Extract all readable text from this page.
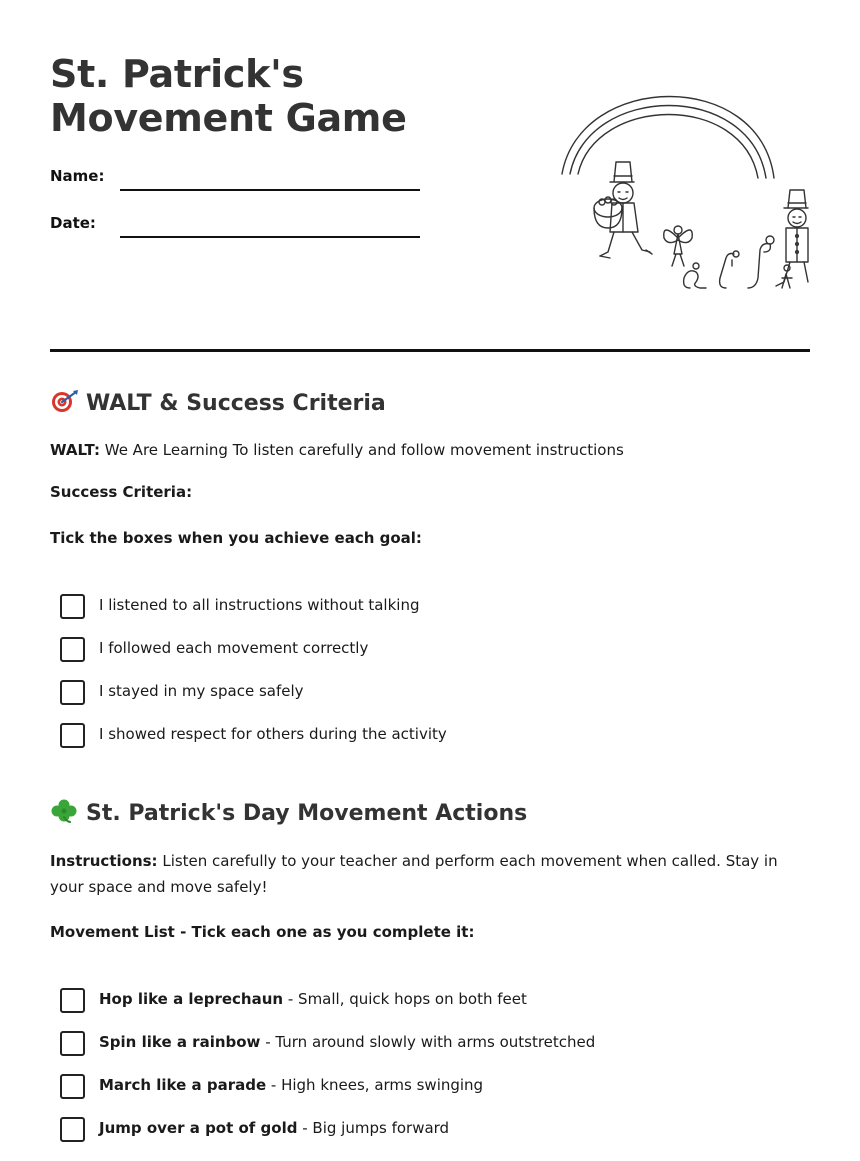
St. Patrick's Movement Game
Name:
Date:
WALT & Success Criteria

WALT: We Are Learning To listen carefully and follow movement instructions

Success Criteria:

Tick the boxes when you achieve each goal:

I listened to all instructions without talking
I followed each movement correctly
I stayed in my space safely
I showed respect for others during the activity
St. Patrick's Day Movement Actions

Instructions: Listen carefully to your teacher and perform each movement when called. Stay in your space and move safely!

Movement List - Tick each one as you complete it:

Hop like a leprechaun - Small, quick hops on both feet
Spin like a rainbow - Turn around slowly with arms outstretched
March like a parade - High knees, arms swinging
Jump over a pot of gold - Big jumps forward
